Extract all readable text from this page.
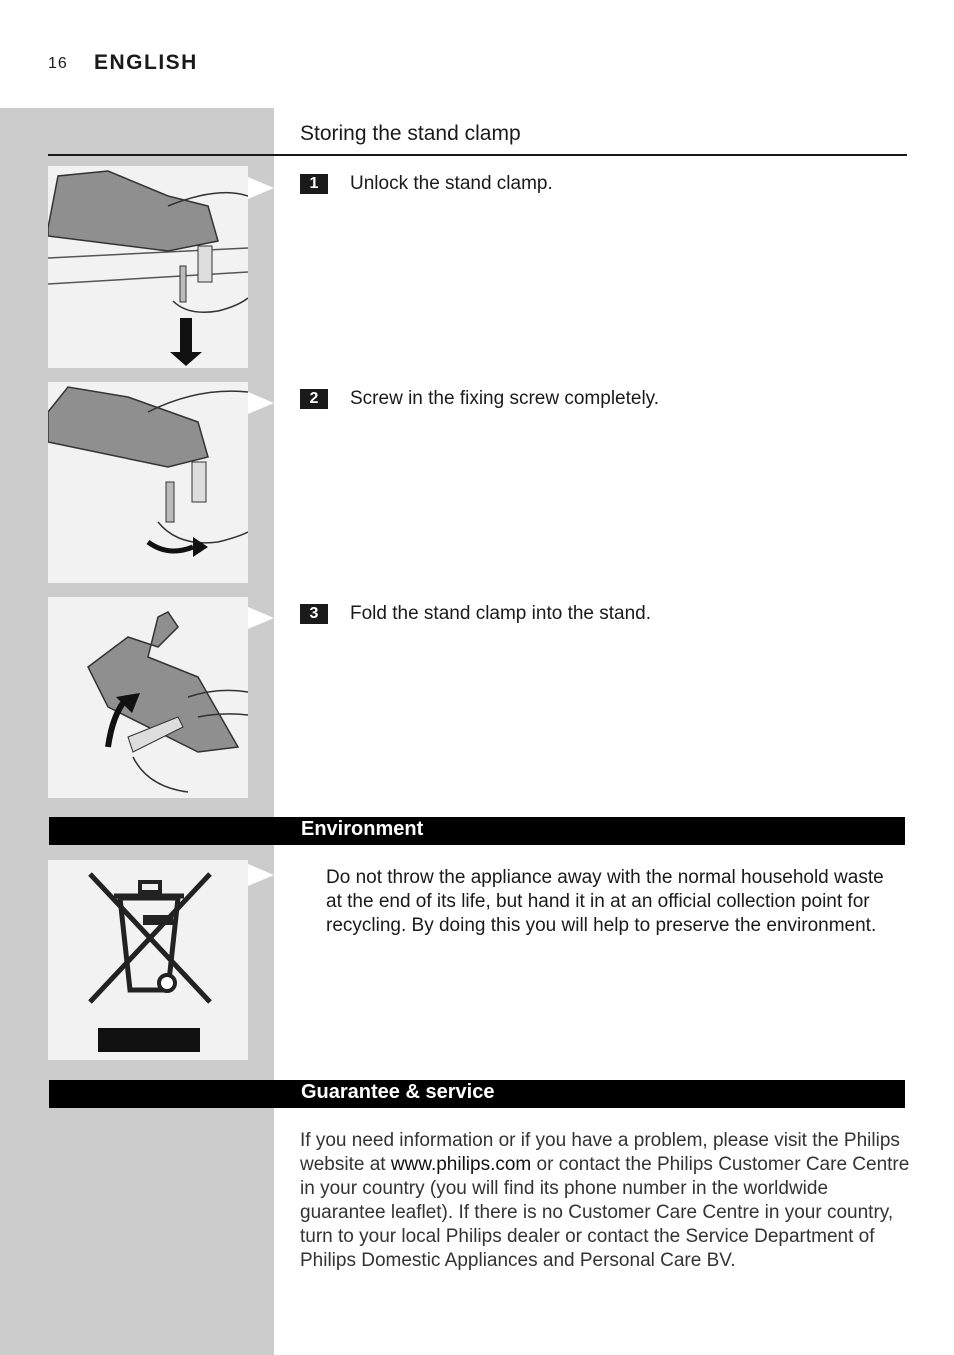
16 ENGLISH
Storing the stand clamp
1	Unlock the stand clamp.
2	Screw in the fixing screw completely.
3	Fold the stand clamp into the stand.
Environment
Do not throw the appliance away with the normal household waste at the end of its life, but hand it in at an official collection point for recycling. By doing this you will help to preserve the environment.
Guarantee & service
If you need information or if you have a problem, please visit the Philips website at www.philips.com or contact the Philips Customer Care Centre in your country (you will find its phone number in the worldwide guarantee leaflet). If there is no Customer Care Centre in your country, turn to your local Philips dealer or contact the Service Department of Philips Domestic Appliances and Personal Care BV.
